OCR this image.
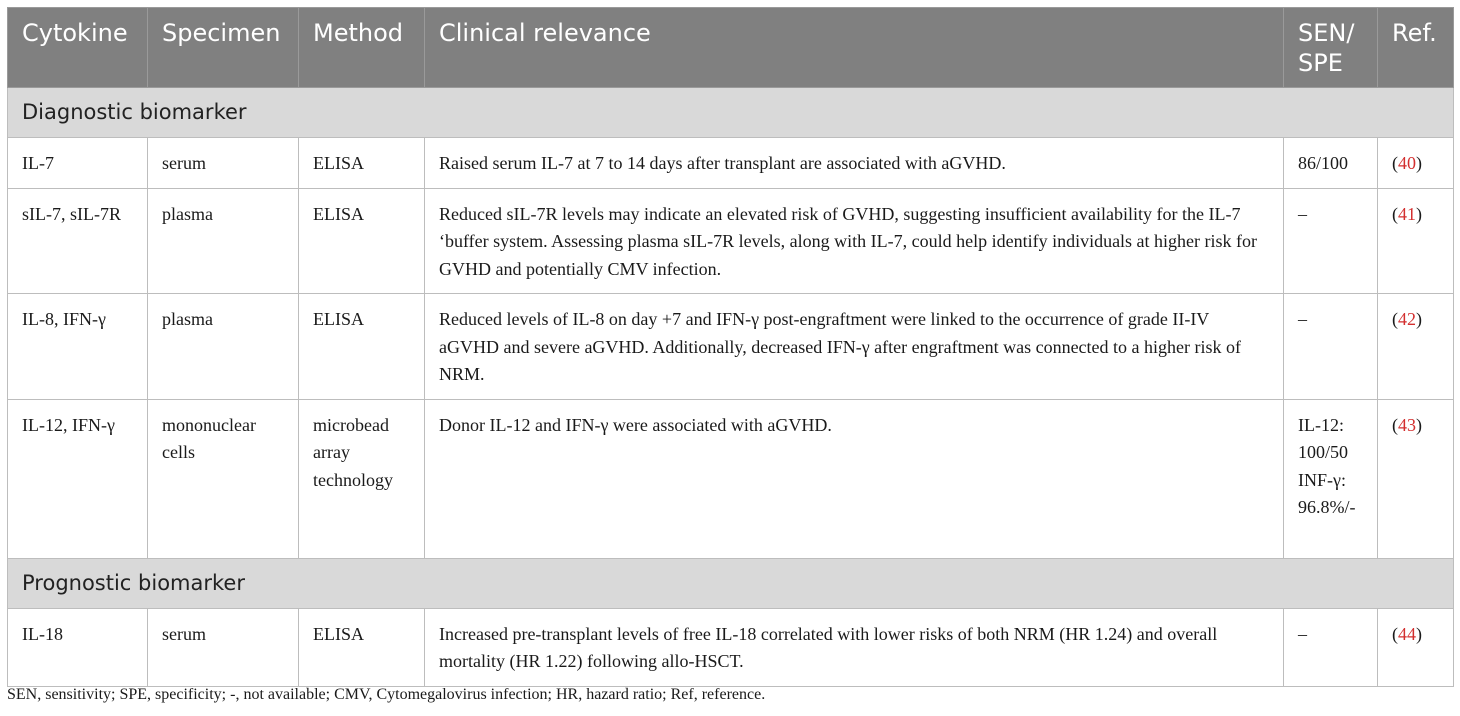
Cytokine	Specimen	Method	Clinical relevance	SEN/ SPE	Ref.
Diagnostic biomarker					
IL-7	serum	ELISA	Raised serum IL-7 at 7 to 14 days after transplant are associated with aGVHD.	86/100	(40)
sIL-7, sIL-7R	plasma	ELISA	Reduced sIL-7R levels may indicate an elevated risk of GVHD, suggesting insufficient availability for the IL-7 ‘buffer system. Assessing plasma sIL-7R levels, along with IL-7, could help identify individuals at higher risk for GVHD and potentially CMV infection.	–	(41)
IL-8, IFN-γ	plasma	ELISA	Reduced levels of IL-8 on day +7 and IFN-γ post-engraftment were linked to the occurrence of grade II-IV aGVHD and severe aGVHD. Additionally, decreased IFN-γ after engraftment was connected to a higher risk of NRM.	–	(42)
IL-12, IFN-γ	mononuclear cells	microbead array technology	Donor IL-12 and IFN-γ were associated with aGVHD.	IL-12: 100/50 INF-γ: 96.8%/-	(43)
Prognostic biomarker					
IL-18	serum	ELISA	Increased pre-transplant levels of free IL-18 correlated with lower risks of both NRM (HR 1.24) and overall mortality (HR 1.22) following allo-HSCT.	–	(44)
SEN, sensitivity; SPE, specificity; -, not available; CMV, Cytomegalovirus infection; HR, hazard ratio; Ref, reference.
